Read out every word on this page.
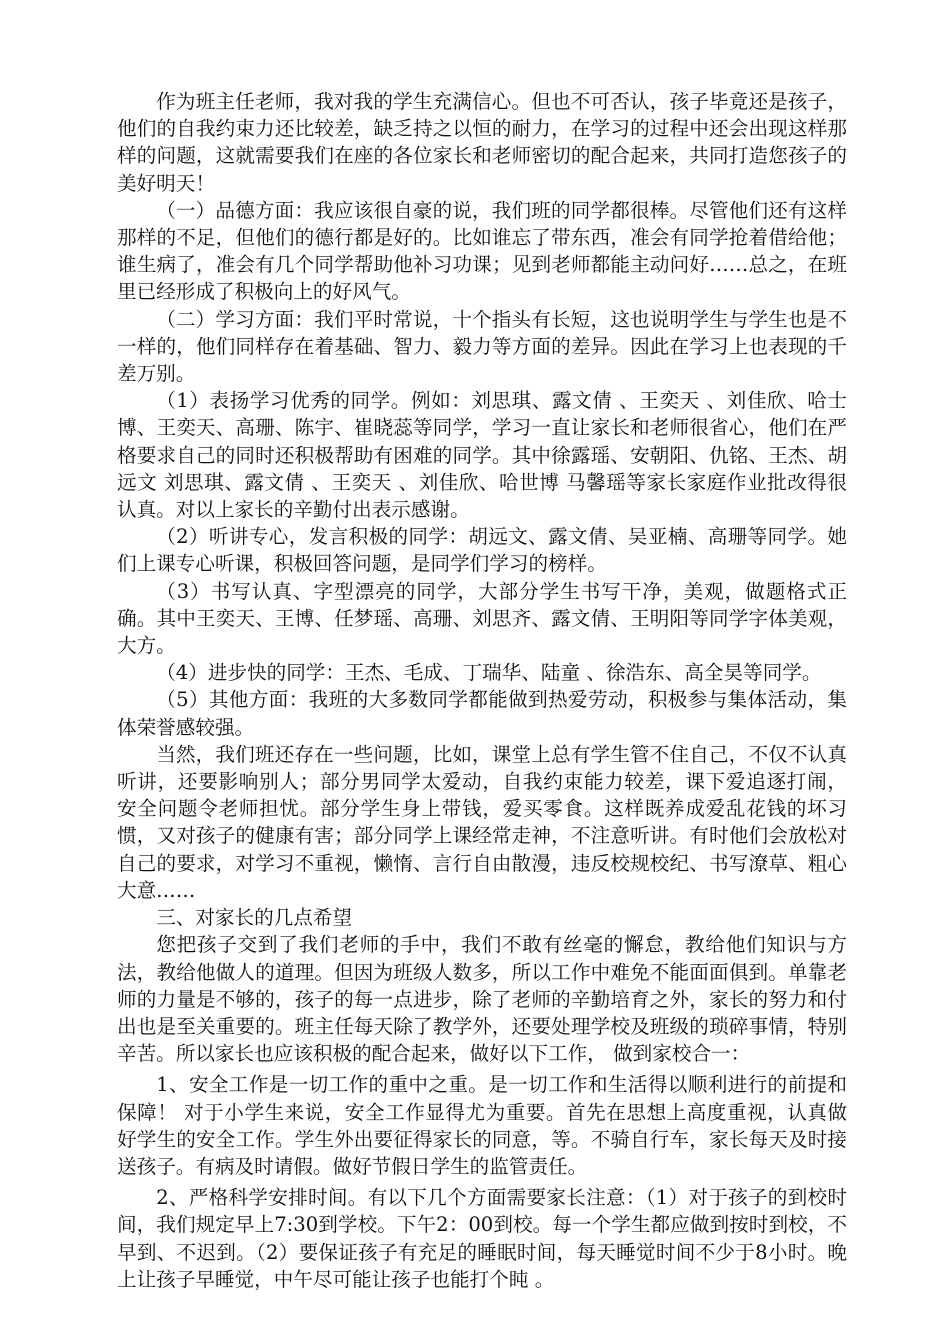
作为班主任老师，我对我的学生充满信心。但也不可否认，孩子毕竟还是孩子，他们的自我约束力还比较差，缺乏持之以恒的耐力，在学习的过程中还会出现这样那样的问题，这就需要我们在座的各位家长和老师密切的配合起来，共同打造您孩子的美好明天！

（一）品德方面：我应该很自豪的说，我们班的同学都很棒。尽管他们还有这样那样的不足，但他们的德行都是好的。比如谁忘了带东西，准会有同学抢着借给他；谁生病了，准会有几个同学帮助他补习功课；见到老师都能主动问好……总之，在班里已经形成了积极向上的好风气。

（二）学习方面：我们平时常说，十个指头有长短，这也说明学生与学生也是不一样的，他们同样存在着基础、智力、毅力等方面的差异。因此在学习上也表现的千差万别。

（1）表扬学习优秀的同学。例如：刘思琪、露文倩 、王奕天 、刘佳欣、哈士博、王奕天、高珊、陈宇、崔晓蕊等同学，学习一直让家长和老师很省心，他们在严格要求自己的同时还积极帮助有困难的同学。其中徐露瑶、安朝阳、仇铭、王杰、胡远文 刘思琪、露文倩 、王奕天 、刘佳欣、哈世博 马馨瑶等家长家庭作业批改得很认真。对以上家长的辛勤付出表示感谢。

（2）听讲专心，发言积极的同学：胡远文、露文倩、吴亚楠、高珊等同学。她们上课专心听课，积极回答问题，是同学们学习的榜样。

（3）书写认真、字型漂亮的同学，大部分学生书写干净，美观，做题格式正确。其中王奕天、王博、任梦瑶、高珊、刘思齐、露文倩、王明阳等同学字体美观，大方。

（4）进步快的同学：王杰、毛成、丁瑞华、陆童 、徐浩东、高全昊等同学。

（5）其他方面：我班的大多数同学都能做到热爱劳动，积极参与集体活动，集体荣誉感较强。

当然，我们班还存在一些问题，比如，课堂上总有学生管不住自己，不仅不认真听讲，还要影响别人；部分男同学太爱动，自我约束能力较差，课下爱追逐打闹， 安全问题令老师担忧。部分学生身上带钱，爱买零食。这样既养成爱乱花钱的坏习惯，又对孩子的健康有害；部分同学上课经常走神，不注意听讲。有时他们会放松对自己的要求，对学习不重视，懒惰、言行自由散漫，违反校规校纪、书写潦草、粗心大意……

三、对家长的几点希望

您把孩子交到了我们老师的手中，我们不敢有丝毫的懈怠，教给他们知识与方法，教给他做人的道理。但因为班级人数多，所以工作中难免不能面面俱到。单靠老师的力量是不够的，孩子的每一点进步，除了老师的辛勤培育之外，家长的努力和付出也是至关重要的。班主任每天除了教学外，还要处理学校及班级的琐碎事情，特别辛苦。所以家长也应该积极的配合起来，做好以下工作， 做到家校合一：

1、安全工作是一切工作的重中之重。是一切工作和生活得以顺利进行的前提和保障！ 对于小学生来说，安全工作显得尤为重要。首先在思想上高度重视，认真做好学生的安全工作。学生外出要征得家长的同意，等。不骑自行车，家长每天及时接送孩子。有病及时请假。做好节假日学生的监管责任。

2、严格科学安排时间。有以下几个方面需要家长注意：（1）对于孩子的到校时间，我们规定早上7:30到学校。下午2：00到校。每一个学生都应做到按时到校，不早到、不迟到。（2）要保证孩子有充足的睡眠时间，每天睡觉时间不少于8小时。晚上让孩子早睡觉，中午尽可能让孩子也能打个盹 。
